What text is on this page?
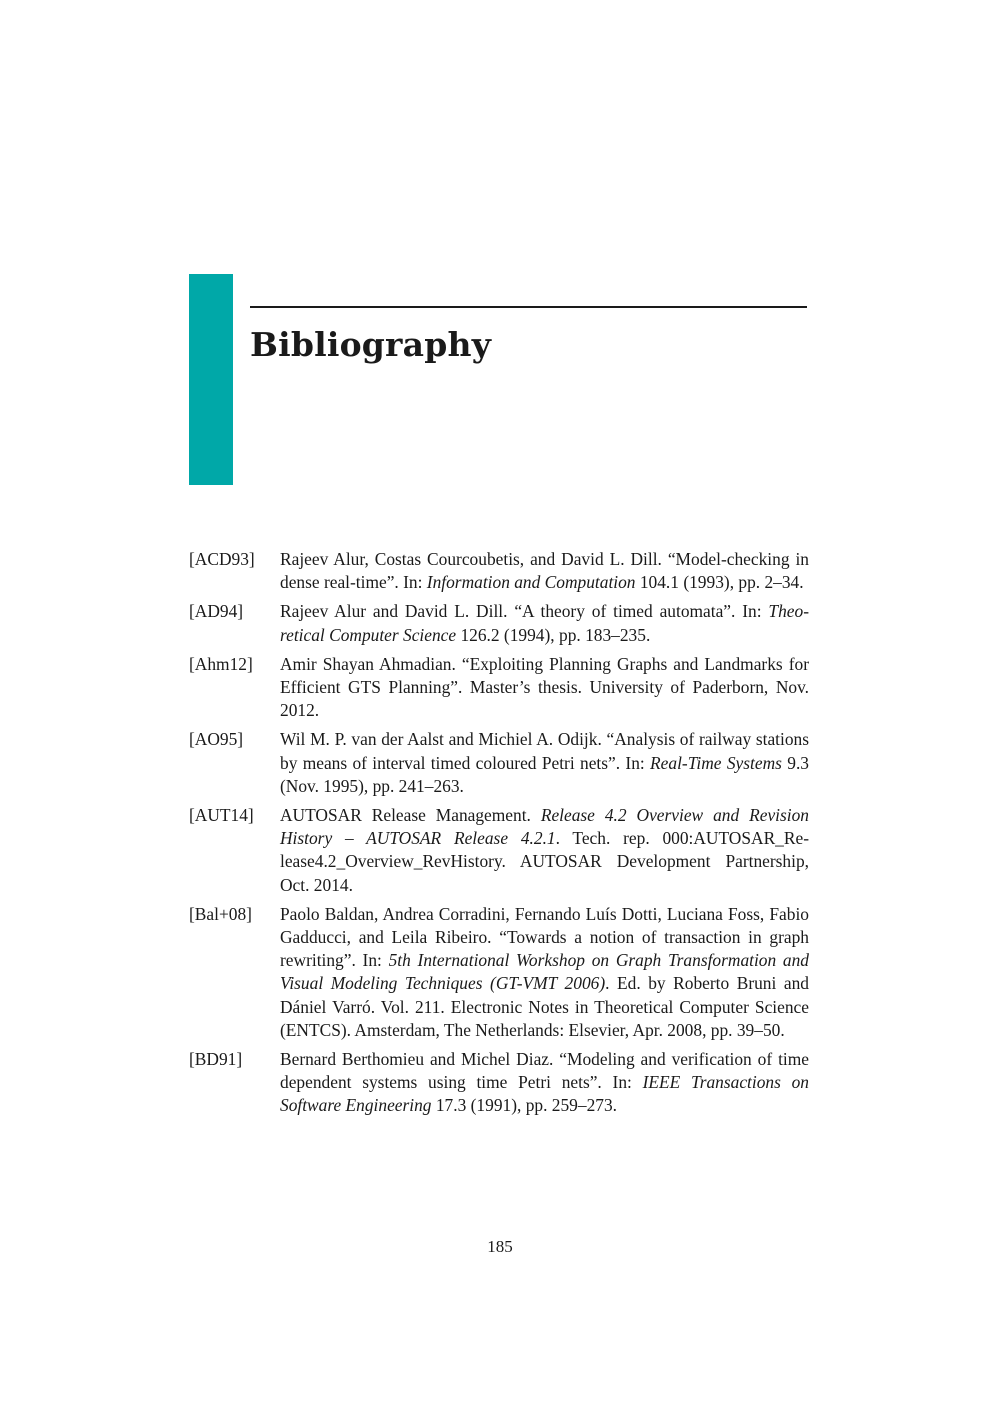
Bibliography
[ACD93]	Rajeev Alur, Costas Courcoubetis, and David L. Dill. “Model-checking in dense real-time”. In: Information and Computation 104.1 (1993), pp. 2–34.
[AD94]	Rajeev Alur and David L. Dill. “A theory of timed automata”. In: Theoretical Computer Science 126.2 (1994), pp. 183–235.
[Ahm12]	Amir Shayan Ahmadian. “Exploiting Planning Graphs and Landmarks for Efficient GTS Planning”. Master’s thesis. University of Paderborn, Nov. 2012.
[AO95]	Wil M. P. van der Aalst and Michiel A. Odijk. “Analysis of railway stations by means of interval timed coloured Petri nets”. In: Real-Time Systems 9.3 (Nov. 1995), pp. 241–263.
[AUT14]	AUTOSAR Release Management. Release 4.2 Overview and Revision History – AUTOSAR Release 4.2.1. Tech. rep. 000:AUTOSAR_Release4.2_Overview_RevHistory. AUTOSAR Development Partnership, Oct. 2014.
[Bal+08]	Paolo Baldan, Andrea Corradini, Fernando Luís Dotti, Luciana Foss, Fabio Gadducci, and Leila Ribeiro. “Towards a notion of transaction in graph rewriting”. In: 5th International Workshop on Graph Transformation and Visual Modeling Techniques (GT-VMT 2006). Ed. by Roberto Bruni and Dániel Varró. Vol. 211. Electronic Notes in Theoretical Computer Science (ENTCS). Amsterdam, The Netherlands: Elsevier, Apr. 2008, pp. 39–50.
[BD91]	Bernard Berthomieu and Michel Diaz. “Modeling and verification of time dependent systems using time Petri nets”. In: IEEE Transactions on Software Engineering 17.3 (1991), pp. 259–273.
185
